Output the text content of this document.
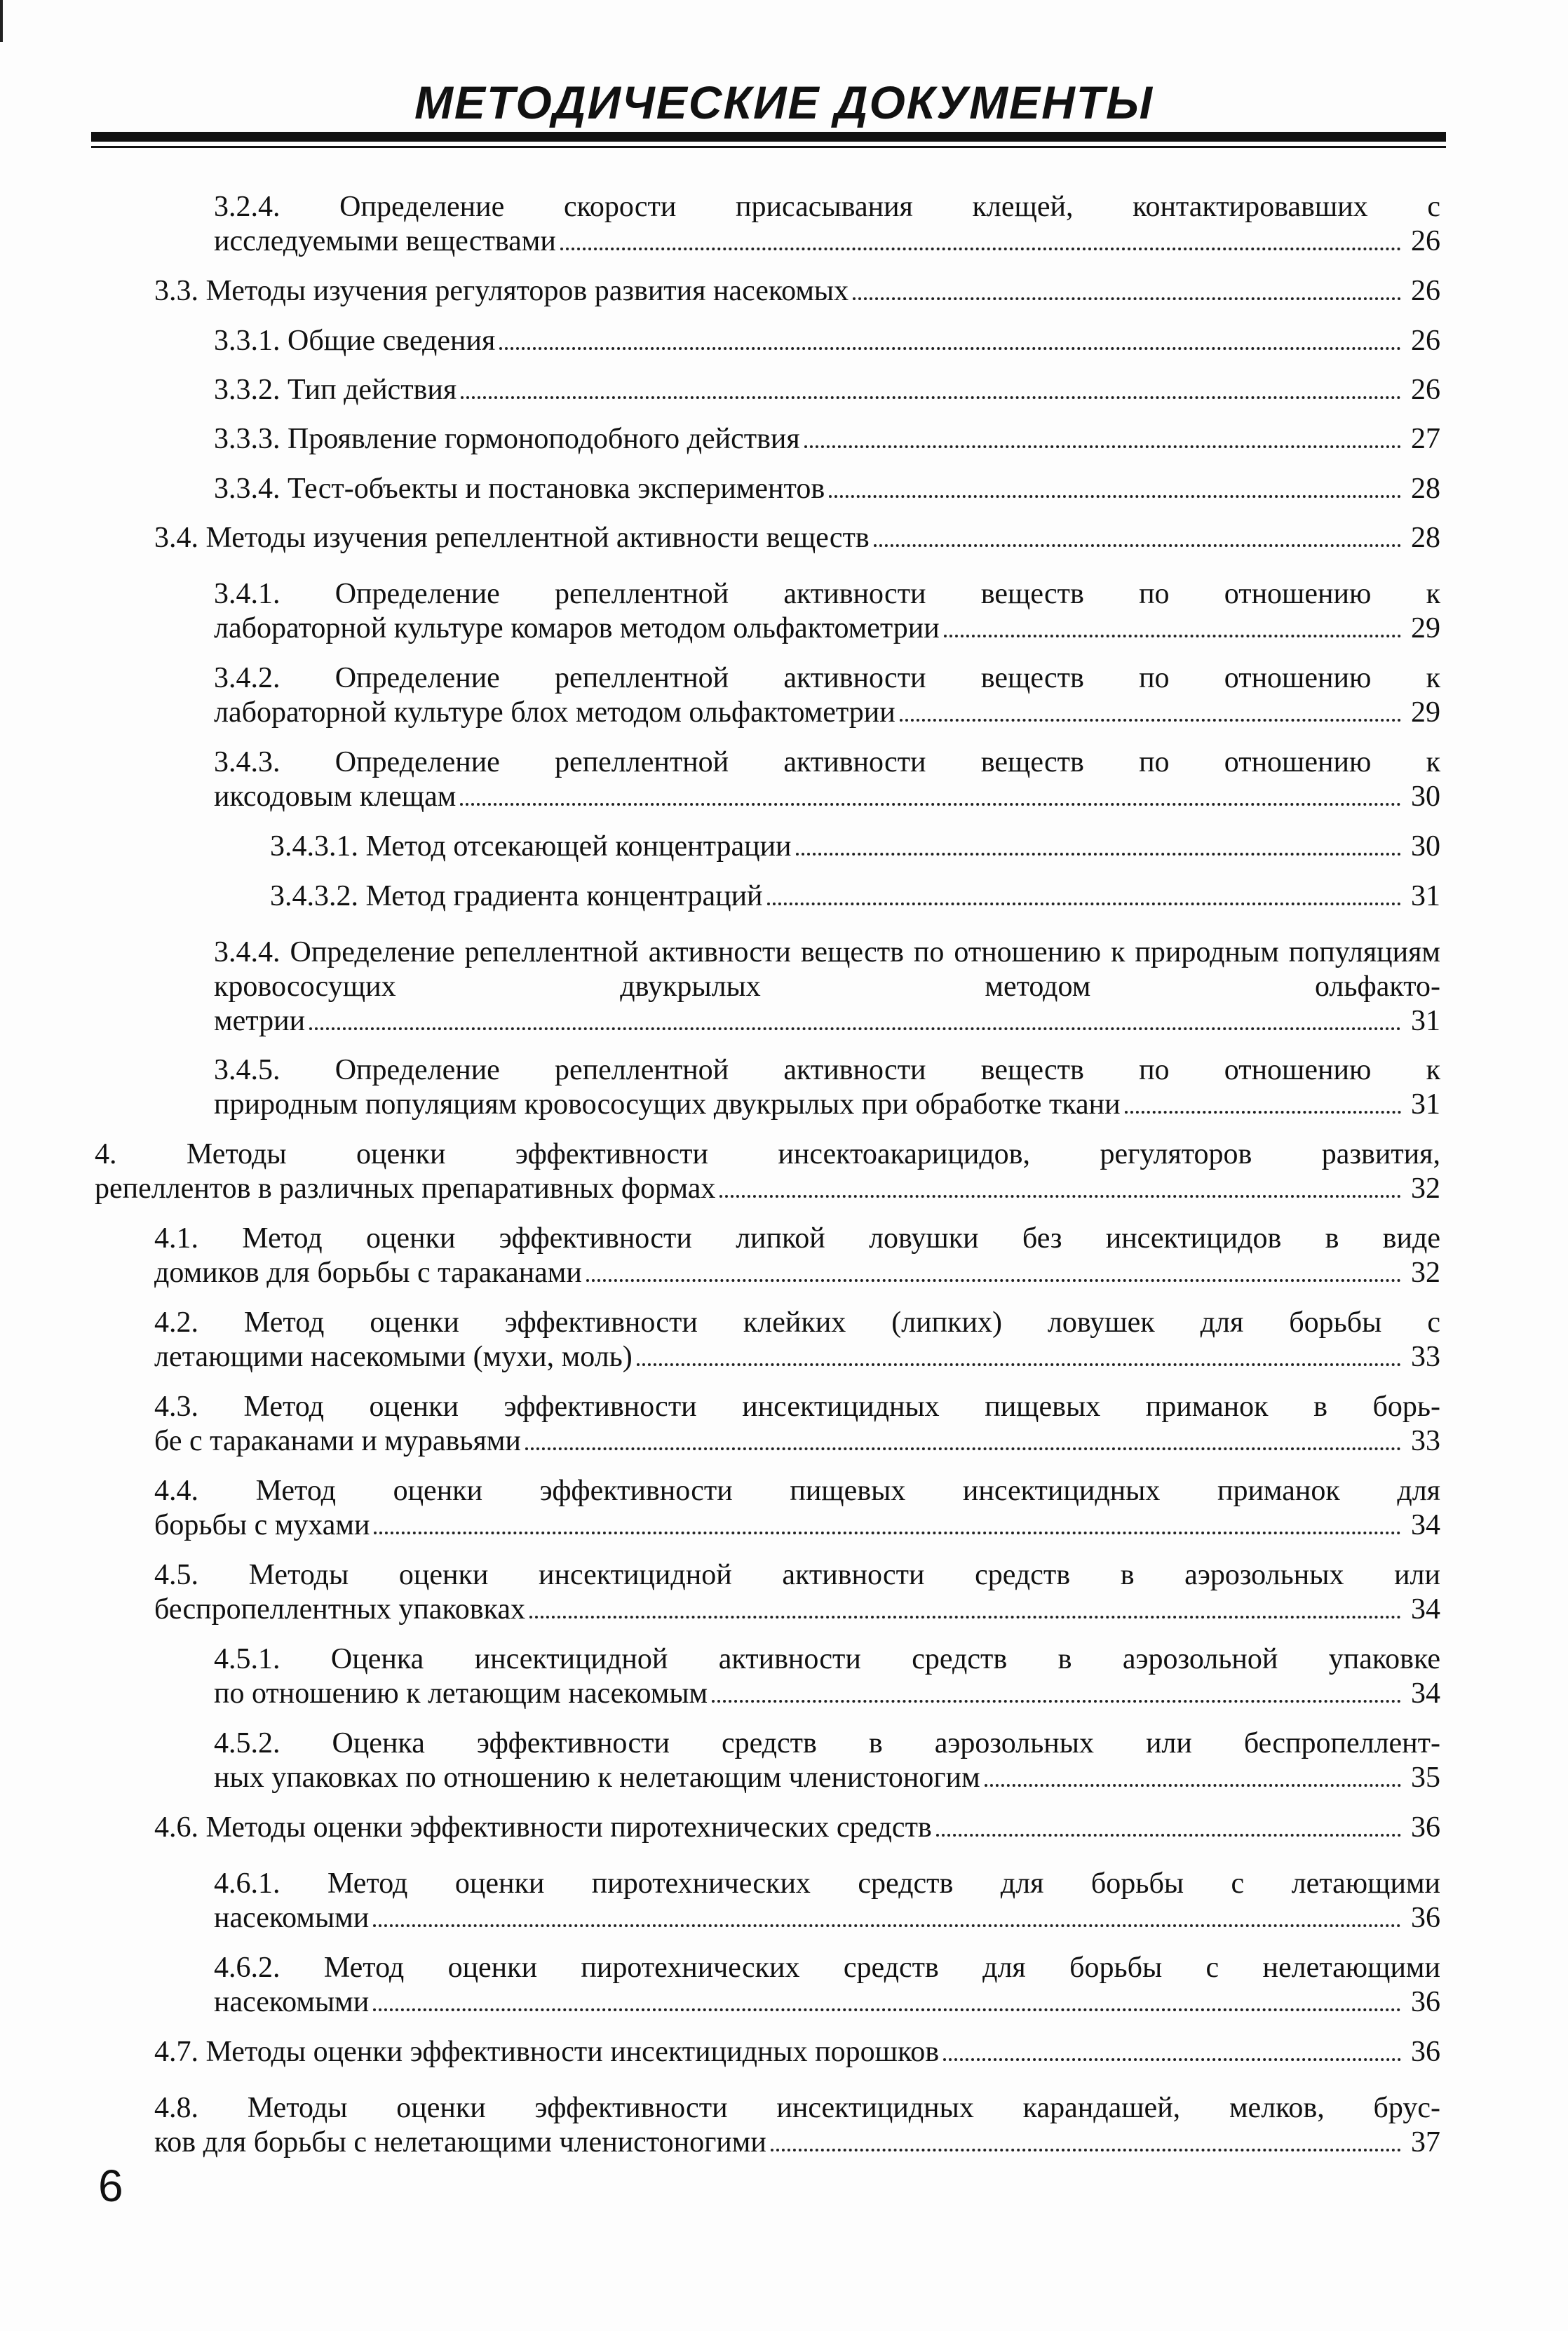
МЕТОДИЧЕСКИЕ ДОКУМЕНТЫ
3.2.4. Определение скорости присасывания клещей, контактировавших с
исследуемыми веществами	26
3.3. Методы изучения регуляторов развития насекомых	26
3.3.1. Общие сведения	26
3.3.2. Тип действия	26
3.3.3. Проявление гормоноподобного действия	27
3.3.4. Тест-объекты и постановка экспериментов	28
3.4. Методы изучения репеллентной активности веществ	28
3.4.1. Определение репеллентной активности веществ по отношению к
лабораторной культуре комаров методом ольфактометрии	29
3.4.2. Определение репеллентной активности веществ по отношению к
лабораторной культуре блох методом ольфактометрии	29
3.4.3. Определение репеллентной активности веществ по отношению к
иксодовым клещам	30
3.4.3.1. Метод отсекающей концентрации	30
3.4.3.2. Метод градиента концентраций	31
3.4.4. Определение репеллентной активности веществ по отношению к природным популяциям кровососущих двукрылых методом ольфакто-
метрии	31
3.4.5. Определение репеллентной активности веществ по отношению к
природным популяциям кровососущих двукрылых при обработке ткани	31
4. Методы оценки эффективности инсектоакарицидов, регуляторов развития,
репеллентов в различных препаративных формах	32
4.1. Метод оценки эффективности липкой ловушки без инсектицидов в виде
домиков для борьбы с тараканами	32
4.2. Метод оценки эффективности клейких (липких) ловушек для борьбы с
летающими насекомыми (мухи, моль)	33
4.3. Метод оценки эффективности инсектицидных пищевых приманок в борь-
бе с тараканами и муравьями	33
4.4. Метод оценки эффективности пищевых инсектицидных приманок для
борьбы с мухами	34
4.5. Методы оценки инсектицидной активности средств в аэрозольных или
беспропеллентных упаковках	34
4.5.1. Оценка инсектицидной активности средств в аэрозольной упаковке
по отношению к летающим насекомым	34
4.5.2. Оценка эффективности средств в аэрозольных или беспропеллент-
ных упаковках по отношению к нелетающим членистоногим	35
4.6. Методы оценки эффективности пиротехнических средств	36
4.6.1. Метод оценки пиротехнических средств для борьбы с летающими
насекомыми	36
4.6.2. Метод оценки пиротехнических средств для борьбы с нелетающими
насекомыми	36
4.7. Методы оценки эффективности инсектицидных порошков	36
4.8. Методы оценки эффективности инсектицидных карандашей, мелков, брус-
ков для борьбы с нелетающими членистоногими	37
6
